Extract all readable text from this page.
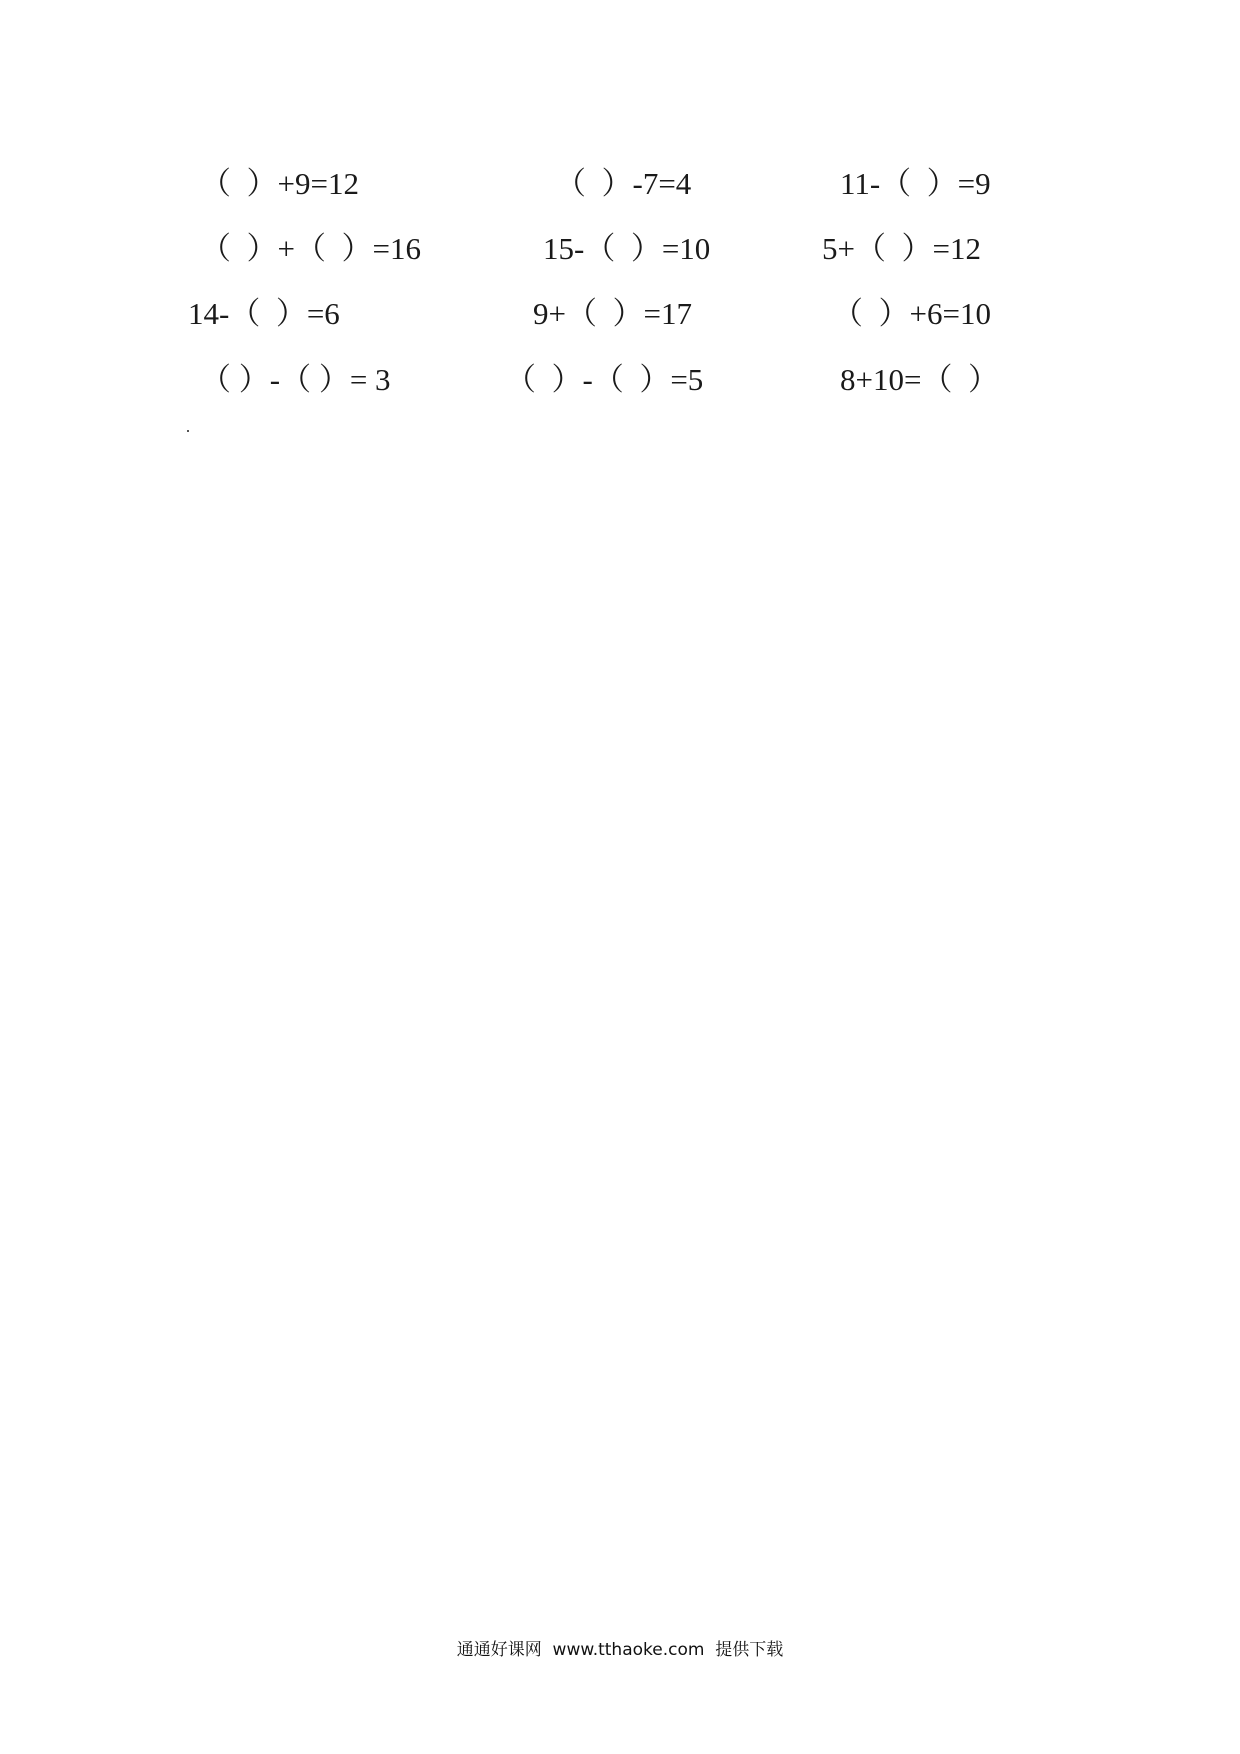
（  ）+9=12	（  ）-7=4	11-（  ）=9
（  ）+（  ）=16	15-（  ）=10	5+（  ）=12
14-（  ）=6	9+（  ）=17	（  ）+6=10
（ ）-（ ）= 3	（  ）-（  ）=5	8+10=（  ）
通通好课网  www.tthaoke.com  提供下载
